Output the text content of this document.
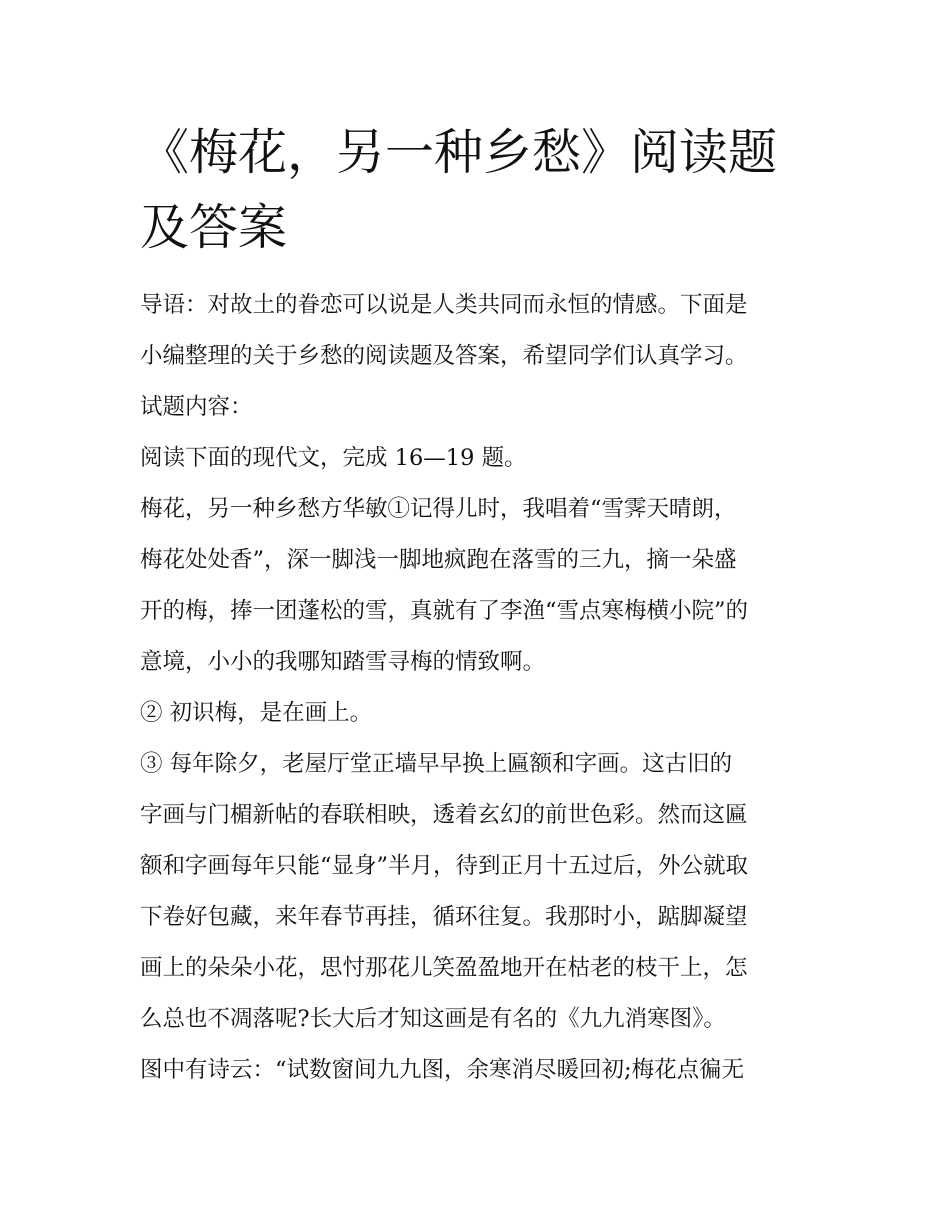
《梅花，另一种乡愁》阅读题
及答案
导语：对故土的眷恋可以说是人类共同而永恒的情感。下面是
小编整理的关于乡愁的阅读题及答案，希望同学们认真学习。
试题内容：
阅读下面的现代文，完成 16—19 题。
梅花，另一种乡愁方华敏①记得儿时，我唱着“雪霁天晴朗，
梅花处处香”，深一脚浅一脚地疯跑在落雪的三九，摘一朵盛
开的梅，捧一团蓬松的雪，真就有了李渔“雪点寒梅横小院”的
意境，小小的我哪知踏雪寻梅的情致啊。
② 初识梅，是在画上。
③ 每年除夕，老屋厅堂正墙早早换上匾额和字画。这古旧的
字画与门楣新帖的春联相映，透着玄幻的前世色彩。然而这匾
额和字画每年只能“显身”半月，待到正月十五过后，外公就取
下卷好包藏，来年春节再挂，循环往复。我那时小，踮脚凝望
画上的朵朵小花，思忖那花儿笑盈盈地开在枯老的枝干上，怎
么总也不凋落呢?长大后才知这画是有名的《九九消寒图》。
图中有诗云：“试数窗间九九图，余寒消尽暖回初;梅花点徧无
